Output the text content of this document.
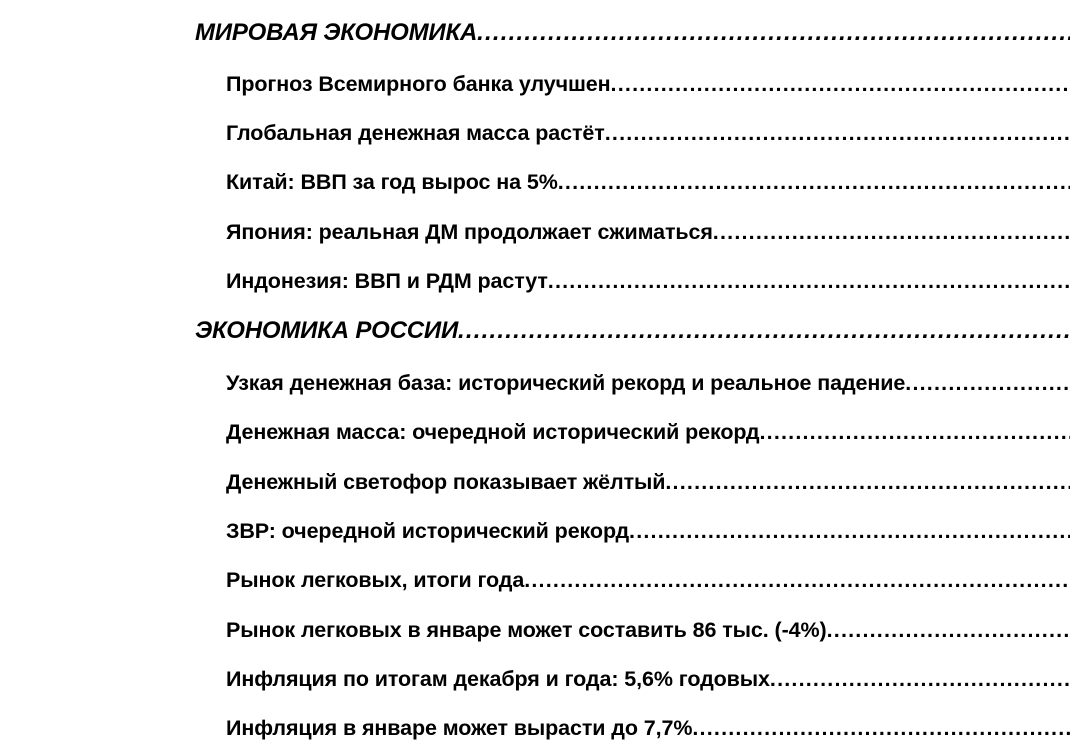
МИРОВАЯ ЭКОНОМИКА
.....
Прогноз Всемирного банка улучшен
.....
Глобальная денежная масса растёт
.....
Китай: ВВП за год вырос на 5%
.....
Япония: реальная ДМ продолжает сжиматься
.....
Индонезия: ВВП и РДМ растут
.....
ЭКОНОМИКА РОССИИ
.....
Узкая денежная база: исторический рекорд и реальное падение
.....
Денежная масса: очередной исторический рекорд
.....
Денежный светофор показывает жёлтый
.....
ЗВР: очередной исторический рекорд
.....
Рынок легковых, итоги года
.....
Рынок легковых в январе может составить 86 тыс. (-4%)
.....
Инфляция по итогам декабря и года: 5,6% годовых
.....
Инфляция в январе может вырасти до 7,7%
.....
